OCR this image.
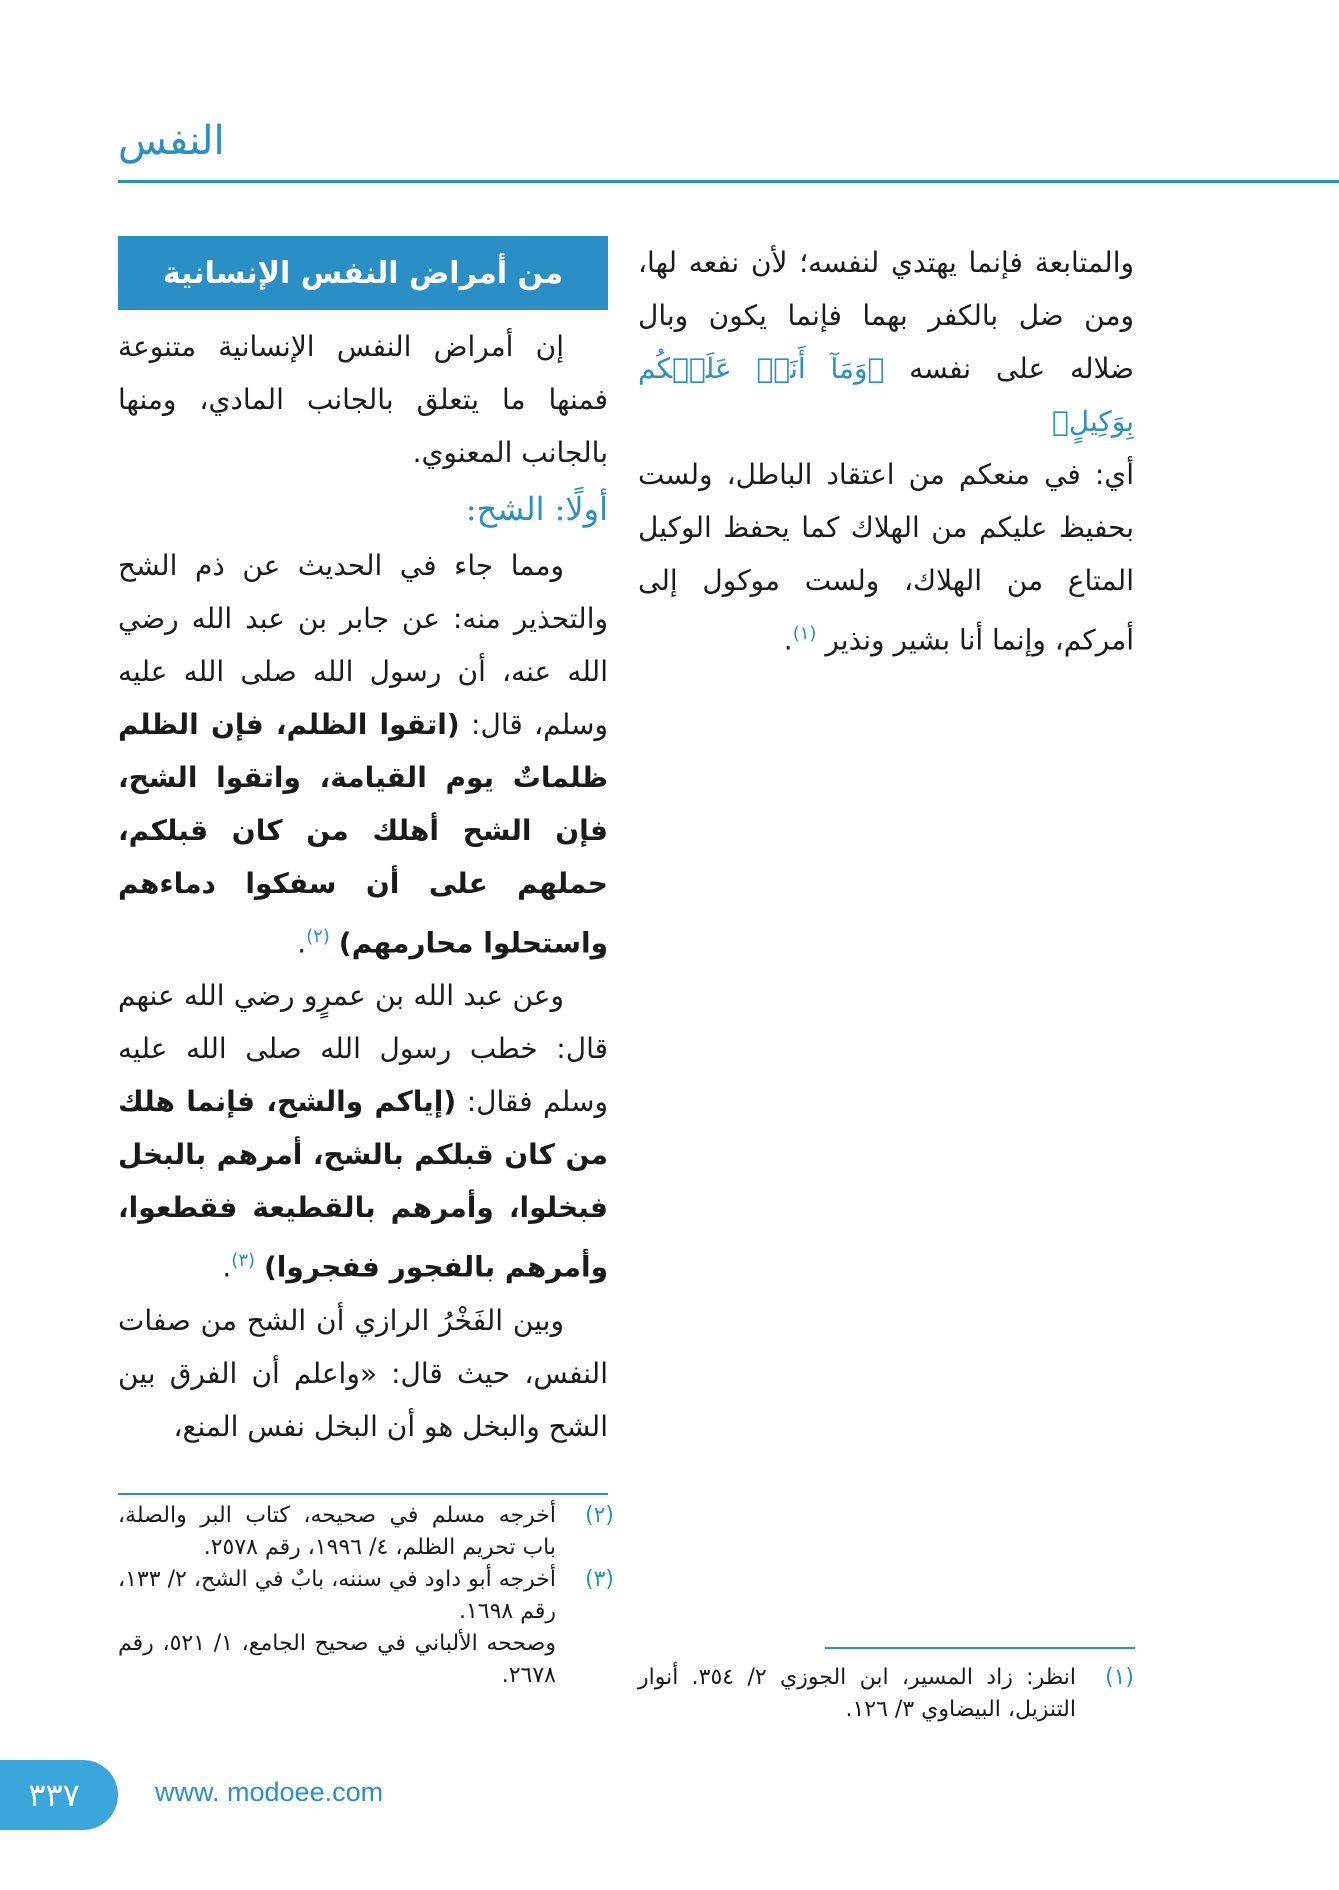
النفس

والمتابعة فإنما يهتدي لنفسه؛ لأن نفعه لها، ومن ضل بالكفر بهما فإنما يكون وبال ضلاله على نفسه ﴿وَمَآ أَنَا۠ عَلَيۡكُم بِوَكِيلٍ﴾

أي: في منعكم من اعتقاد الباطل، ولست بحفيظ عليكم من الهلاك كما يحفظ الوكيل المتاع من الهلاك، ولست موكول إلى أمركم، وإنما أنا بشير ونذير $^{(١)}$.

من أمراض النفس الإنسانية

إن أمراض النفس الإنسانية متنوعة فمنها ما يتعلق بالجانب المادي، ومنها بالجانب المعنوي.

أولًا: الشح:

ومما جاء في الحديث عن ذم الشح والتحذير منه: عن جابر بن عبد الله رضي الله عنه، أن رسول الله صلى الله عليه وسلم، قال: (اتقوا الظلم، فإن الظلم ظلماتٌ يوم القيامة، واتقوا الشح، فإن الشح أهلك من كان قبلكم، حملهم على أن سفكوا دماءهم واستحلوا محارمهم) $^{(٢)}$.

وعن عبد الله بن عمرٍو رضي الله عنهم قال: خطب رسول الله صلى الله عليه وسلم فقال: (إياكم والشح، فإنما هلك من كان قبلكم بالشح، أمرهم بالبخل فبخلوا، وأمرهم بالقطيعة فقطعوا، وأمرهم بالفجور ففجروا) $^{(٣)}$.

وبين الفَخْرُ الرازي أن الشح من صفات النفس، حيث قال: «واعلم أن الفرق بين الشح والبخل هو أن البخل نفس المنع،

(٢)
أخرجه مسلم في صحيحه، كتاب البر والصلة، باب تحريم الظلم، ٤/ ١٩٩٦، رقم ٢٥٧٨.
(٣)
أخرجه أبو داود في سننه، بابٌ في الشح، ٢/ ١٣٣، رقم ١٦٩٨.
وصححه الألباني في صحيح الجامع، ١/ ٥٢١، رقم ٢٦٧٨.	(١)
انظر: زاد المسير، ابن الجوزي ٢/ ٣٥٤. أنوار التنزيل، البيضاوي ٣/ ١٢٦.
٣٣٧	www. modoee.com
